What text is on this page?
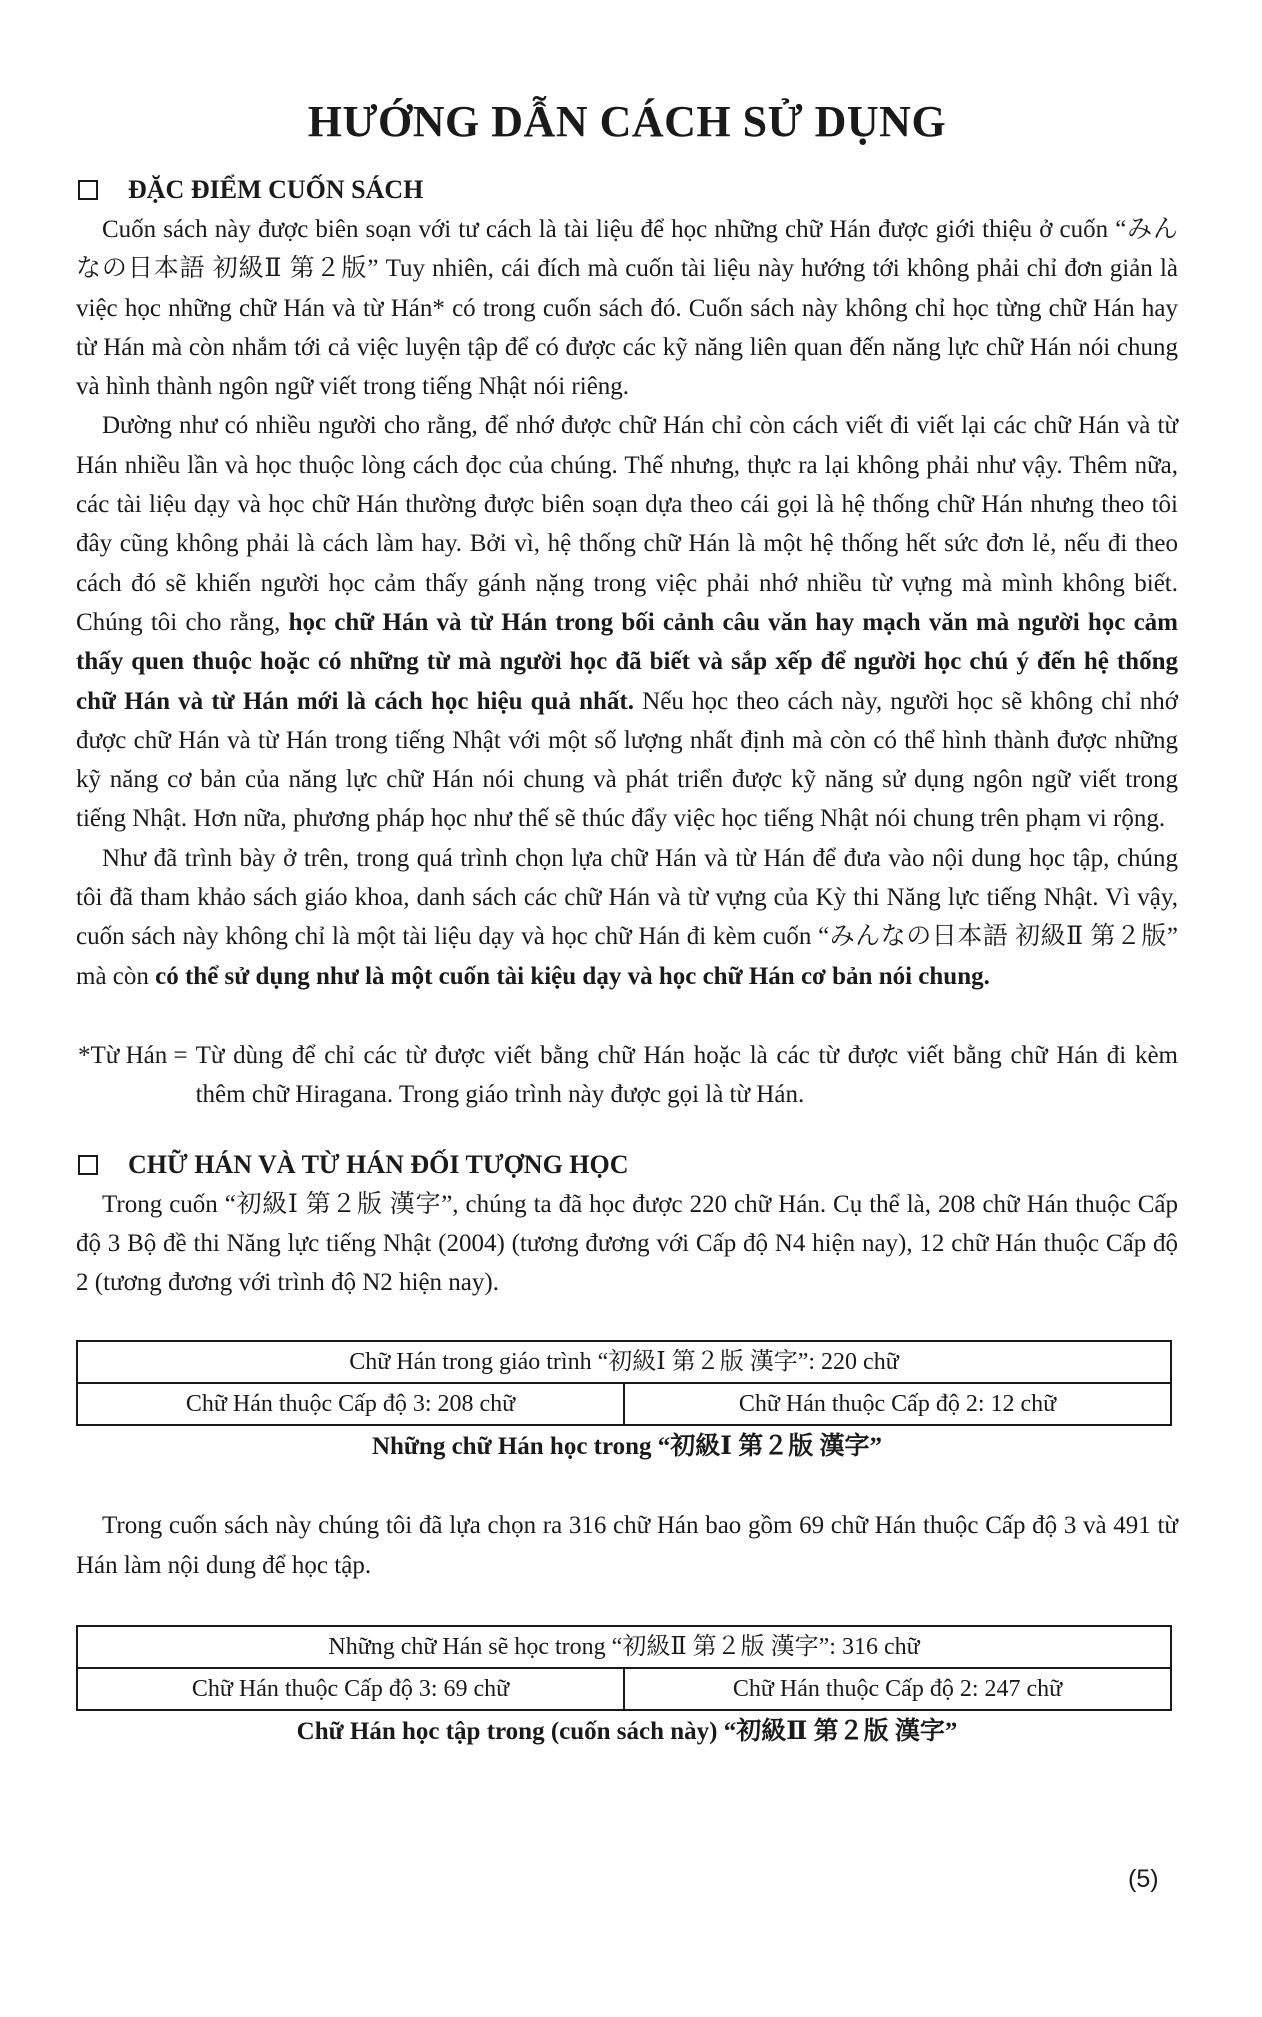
HƯỚNG DẪN CÁCH SỬ DỤNG
ĐẶC ĐIỂM CUỐN SÁCH

Cuốn sách này được biên soạn với tư cách là tài liệu để học những chữ Hán được giới thiệu ở cuốn “みんなの日本語 初級Ⅱ 第２版” Tuy nhiên, cái đích mà cuốn tài liệu này hướng tới không phải chỉ đơn giản là việc học những chữ Hán và từ Hán* có trong cuốn sách đó. Cuốn sách này không chỉ học từng chữ Hán hay từ Hán mà còn nhắm tới cả việc luyện tập để có được các kỹ năng liên quan đến năng lực chữ Hán nói chung và hình thành ngôn ngữ viết trong tiếng Nhật nói riêng.

Dường như có nhiều người cho rằng, để nhớ được chữ Hán chỉ còn cách viết đi viết lại các chữ Hán và từ Hán nhiều lần và học thuộc lòng cách đọc của chúng. Thế nhưng, thực ra lại không phải như vậy. Thêm nữa, các tài liệu dạy và học chữ Hán thường được biên soạn dựa theo cái gọi là hệ thống chữ Hán nhưng theo tôi đây cũng không phải là cách làm hay. Bởi vì, hệ thống chữ Hán là một hệ thống hết sức đơn lẻ, nếu đi theo cách đó sẽ khiến người học cảm thấy gánh nặng trong việc phải nhớ nhiều từ vựng mà mình không biết. Chúng tôi cho rằng, học chữ Hán và từ Hán trong bối cảnh câu văn hay mạch văn mà người học cảm thấy quen thuộc hoặc có những từ mà người học đã biết và sắp xếp để người học chú ý đến hệ thống chữ Hán và từ Hán mới là cách học hiệu quả nhất. Nếu học theo cách này, người học sẽ không chỉ nhớ được chữ Hán và từ Hán trong tiếng Nhật với một số lượng nhất định mà còn có thể hình thành được những kỹ năng cơ bản của năng lực chữ Hán nói chung và phát triển được kỹ năng sử dụng ngôn ngữ viết trong tiếng Nhật. Hơn nữa, phương pháp học như thế sẽ thúc đẩy việc học tiếng Nhật nói chung trên phạm vi rộng.

Như đã trình bày ở trên, trong quá trình chọn lựa chữ Hán và từ Hán để đưa vào nội dung học tập, chúng tôi đã tham khảo sách giáo khoa, danh sách các chữ Hán và từ vựng của Kỳ thi Năng lực tiếng Nhật. Vì vậy, cuốn sách này không chỉ là một tài liệu dạy và học chữ Hán đi kèm cuốn “みんなの日本語 初級Ⅱ 第２版” mà còn có thể sử dụng như là một cuốn tài kiệu dạy và học chữ Hán cơ bản nói chung.

*Từ Hán = Từ dùng để chỉ các từ được viết bằng chữ Hán hoặc là các từ được viết bằng chữ Hán đi kèm thêm chữ Hiragana. Trong giáo trình này được gọi là từ Hán.
CHỮ HÁN VÀ TỪ HÁN ĐỐI TƯỢNG HỌC

Trong cuốn “初級Ⅰ 第２版 漢字”, chúng ta đã học được 220 chữ Hán. Cụ thể là, 208 chữ Hán thuộc Cấp độ 3 Bộ đề thi Năng lực tiếng Nhật (2004) (tương đương với Cấp độ N4 hiện nay), 12 chữ Hán thuộc Cấp độ 2 (tương đương với trình độ N2 hiện nay).

Chữ Hán trong giáo trình “初級Ⅰ 第２版 漢字”: 220 chữ
Chữ Hán thuộc Cấp độ 3: 208 chữ	Chữ Hán thuộc Cấp độ 2: 12 chữ
Những chữ Hán học trong “初級Ⅰ 第２版 漢字”

Trong cuốn sách này chúng tôi đã lựa chọn ra 316 chữ Hán bao gồm 69 chữ Hán thuộc Cấp độ 3 và 491 từ Hán làm nội dung để học tập.

Những chữ Hán sẽ học trong “初級Ⅱ 第２版 漢字”: 316 chữ
Chữ Hán thuộc Cấp độ 3: 69 chữ	Chữ Hán thuộc Cấp độ 2: 247 chữ
Chữ Hán học tập trong (cuốn sách này) “初級Ⅱ 第２版 漢字”
(5)
